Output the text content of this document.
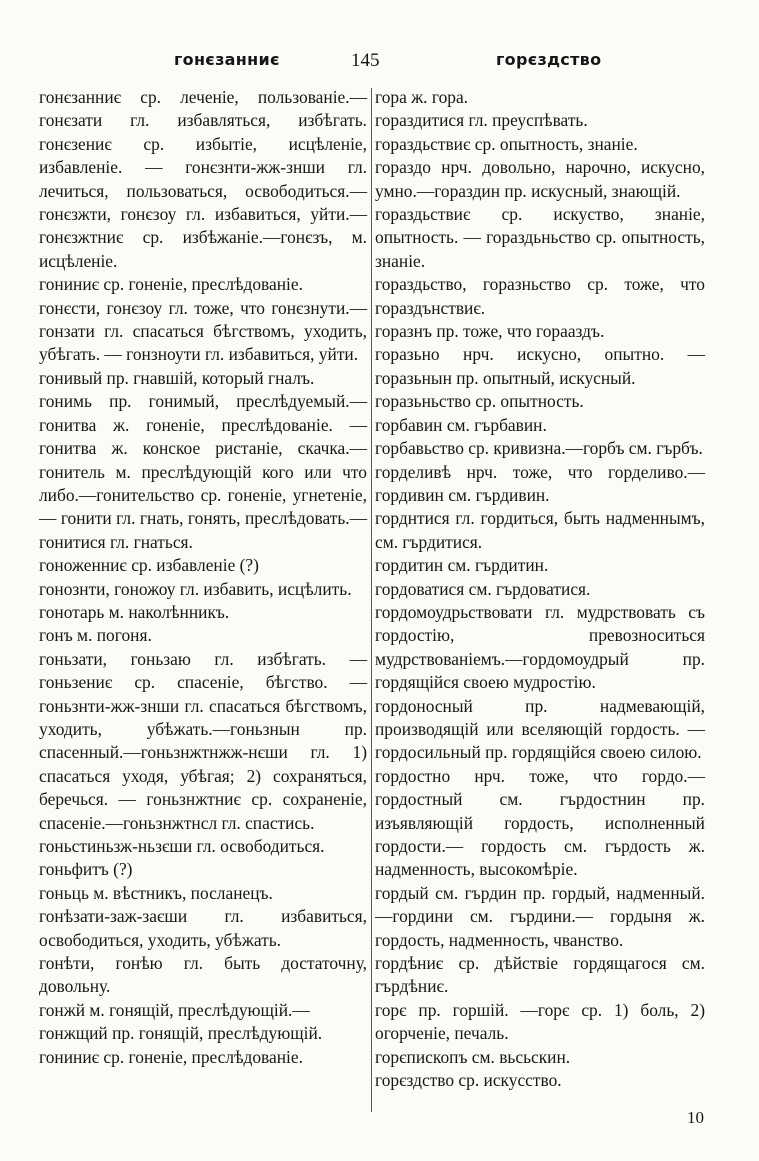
гонєзанниє	145	горєздство

гонєзанниє ср. леченіе, пользованіе.— гонєзати гл. избавляться, избѣгать. гонєзениє ср. избытіе, исцѣленіе, избавленіе. — гонєзнти-жж-знши гл. лечиться, пользоваться, освободиться.—гонєзжти, гонєзоу гл. избавиться, уйти.—гонєзжтниє ср. избѣжаніе.—гонєзъ, м. исцѣленіе.

гониниє ср. гоненіе, преслѣдованіе.

гонєсти, гонєзоу гл. тоже, что гонєзнути.—гонзати гл. спасаться бѣгствомъ, уходить, убѣгать. — гонзноути гл. избавиться, уйти.

гонивый пр. гнавшій, который гналъ.

гонимь пр. гонимый, преслѣдуемый.—гонитва ж. гоненіе, преслѣдованіе. — гонитва ж. конское ристаніе, скачка.—гонитель м. преслѣдующій кого или что либо.—гонительство ср. гоненіе, угнетеніе,— гонити гл. гнать, гонять, преслѣдовать.—гонитися гл. гнаться.

гоноженниє ср. избавленіе (?)

гонознти, гоножоу гл. избавить, исцѣлить.

гонотарь м. наколѣнникъ.

гонъ м. погоня.

гоньзати, гоньзаю гл. избѣгать. — гоньзениє ср. спасеніе, бѣгство. — гоньзнти-жж-знши гл. спасаться бѣгствомъ, уходить, убѣжать.—гоньзнын пр. спасенный.—гоньзнжтнжж-нєши гл. 1) спасаться уходя, убѣгая; 2) сохраняться, беречься. — гоньзнжтниє ср. сохраненіе, спасеніе.—гоньзнжтнсл гл. спастись.

гоньстиньзж-ньзєши гл. освободиться.

гоньфитъ (?)

гоньць м. вѣстникъ, посланецъ.

гонѣзати-заж-заєши гл. избавиться, освободиться, уходить, убѣжать.

гонѣти, гонѣю гл. быть достаточну, довольну.

гонжй м. гонящій, преслѣдующій.—

гонжщий пр. гонящій, преслѣдующій.

гониниє ср. гоненіе, преслѣдованіе.

гора ж. гора.

гораздитися гл. преуспѣвать.

гораздьствиє ср. опытность, знаніе.

гораздо нрч. довольно, нарочно, искусно, умно.—гораздин пр. искусный, знающій.

гораздьствиє ср. искуство, знаніе, опытность. — гораздьньство ср. опытность, знаніе.

гораздьство, горазньство ср. тоже, что гораздънствиє.

горазнъ пр. тоже, что горааздъ.

горазьно нрч. искусно, опытно. — горазьнын пр. опытный, искусный.

горазьньство ср. опытность.

горбавин см. гърбавин.

горбавьство ср. кривизна.—горбъ см. гърбъ.

горделивѣ нрч. тоже, что горделиво.— гордивин см. гърдивин.

горднтися гл. гордиться, быть надменнымъ, см. гърдитися.

гордитин см. гърдитин.

гордоватися см. гърдоватися.

гордомоудрьствовати гл. мудрствовать съ гордостію, превозноситься мудрствованіемъ.—гордомоудрый пр. гордящійся своею мудростію.

гордоносный пр. надмевающій, производящій или вселяющій гордость. — гордосильный пр. гордящійся своею силою.

гордостно нрч. тоже, что гордо.—гордостный см. гърдостнин пр. изъявляющій гордость, исполненный гордости.— гордость см. гърдость ж. надменность, высокомѣріе.

гордый см. гърдин пр. гордый, надменный.—гордини см. гърдини.— гордыня ж. гордость, надменность, чванство.

гордѣниє ср. дѣйствіе гордящагося см. гърдѣниє.

горє пр. горшій. —горє ср. 1) боль, 2) огорченіе, печаль.

горєпископъ см. вьсьскин.

горєздство ср. искусство.

10
